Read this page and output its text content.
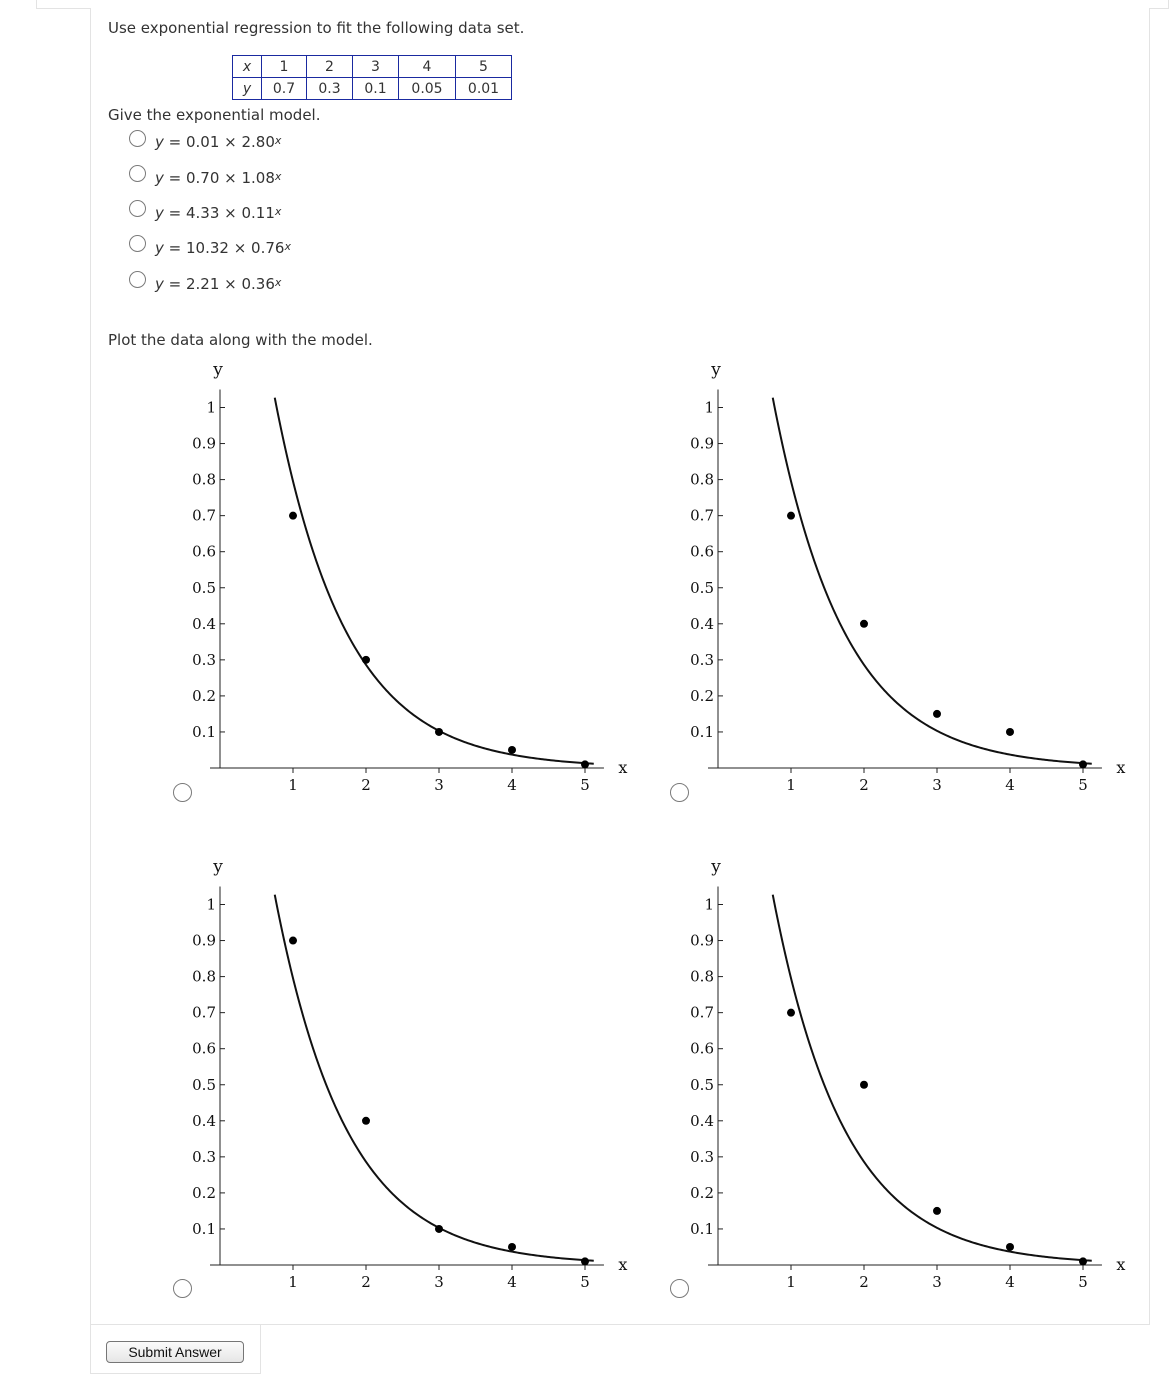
Use exponential regression to fit the following data set.
x	1	2	3	4	5
y	0.7	0.3	0.1	0.05	0.01
Give the exponential model.
$y = 0.01 \times 2.80^x$
$y = 0.70 \times 1.08^x$
$y = 4.33 \times 0.11^x$
$y = 10.32 \times 0.76^x$
$y = 2.21 \times 0.36^x$
Plot the data along with the model.
1	2	3	4	5
0.1
0.2
0.3
0.4
0.5
0.6
0.7
0.8
0.9
1
x
y
1	2	3	4	5
0.1
0.2
0.3
0.4
0.5
0.6
0.7
0.8
0.9
1
x
y
1	2	3	4	5
0.1
0.2
0.3
0.4
0.5
0.6
0.7
0.8
0.9
1
x
y
1	2	3	4	5
0.1
0.2
0.3
0.4
0.5
0.6
0.7
0.8
0.9
1
x
y
Submit Answer
